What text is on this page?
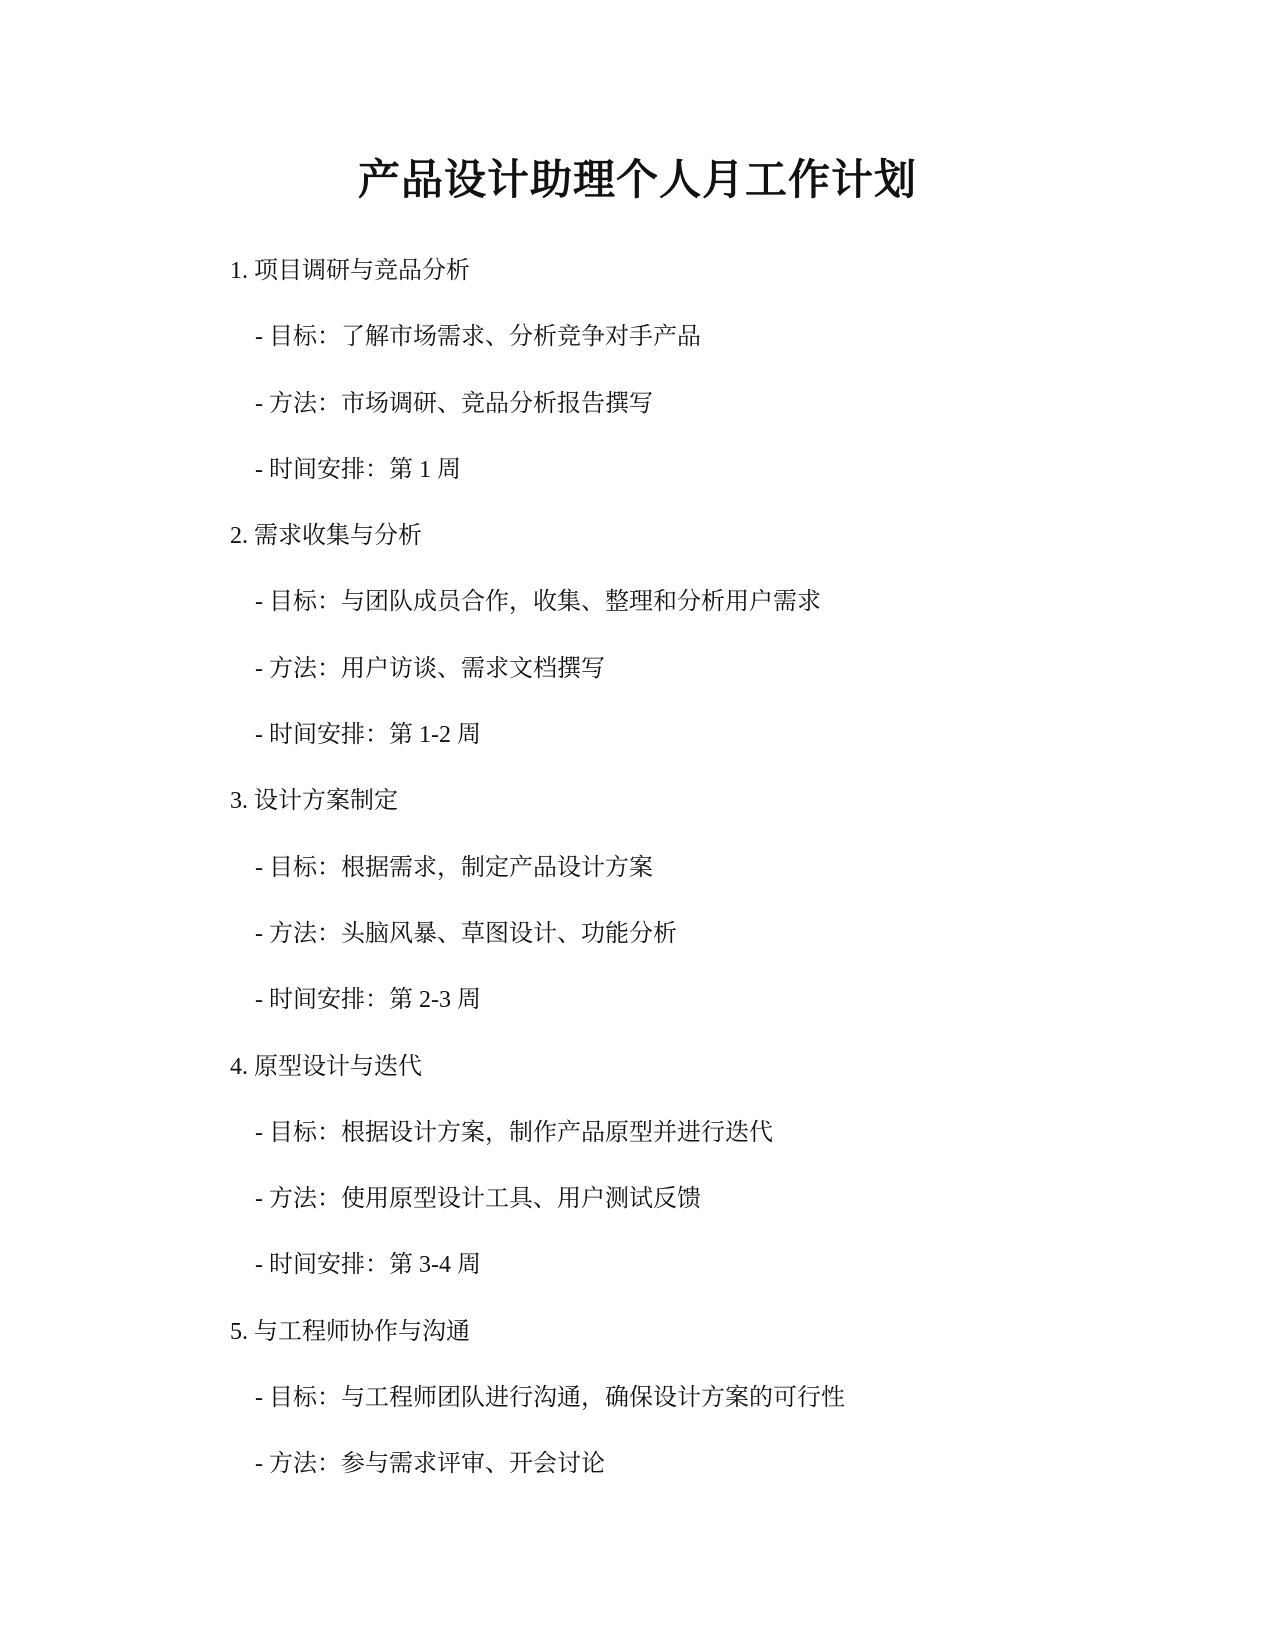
产品设计助理个人月工作计划
1. 项目调研与竞品分析
- 目标：了解市场需求、分析竞争对手产品
- 方法：市场调研、竞品分析报告撰写
- 时间安排：第 1 周
2. 需求收集与分析
- 目标：与团队成员合作，收集、整理和分析用户需求
- 方法：用户访谈、需求文档撰写
- 时间安排：第 1-2 周
3. 设计方案制定
- 目标：根据需求，制定产品设计方案
- 方法：头脑风暴、草图设计、功能分析
- 时间安排：第 2-3 周
4. 原型设计与迭代
- 目标：根据设计方案，制作产品原型并进行迭代
- 方法：使用原型设计工具、用户测试反馈
- 时间安排：第 3-4 周
5. 与工程师协作与沟通
- 目标：与工程师团队进行沟通，确保设计方案的可行性
- 方法：参与需求评审、开会讨论
